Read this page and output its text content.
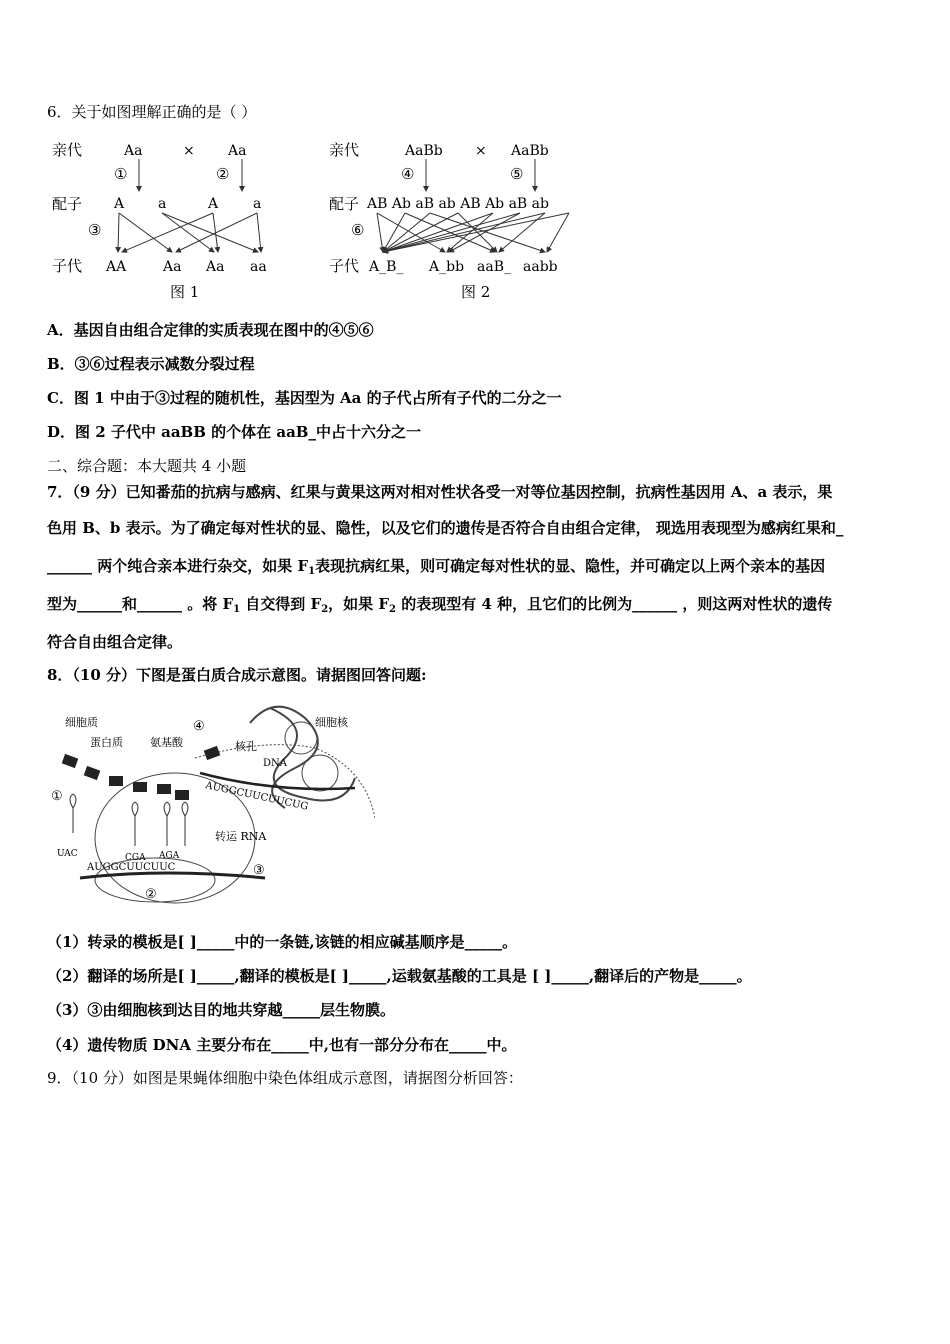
6．关于如图理解正确的是（ ）
亲代	Aa	× Aa
①	②
配子 A a	A a
③
子代 AA	Aa Aa aa
图 1
亲代	AaBb × AaBb
④	⑤
配子 AB Ab aB ab AB Ab aB ab
⑥
子代 A_B_ A_bb aaB_ aabb
图 2
A．基因自由组合定律的实质表现在图中的④⑤⑥
B．③⑥过程表示减数分裂过程
C．图 1 中由于③过程的随机性，基因型为 Aa 的子代占所有子代的二分之一
D．图 2 子代中 aaBB 的个体在 aaB_中占十六分之一
二、综合题：本大题共 4 小题
7．（9 分）已知番茄的抗病与感病、红果与黄果这两对相对性状各受一对等位基因控制，抗病性基因用 A、a 表示，果
色用 B、b 表示。为了确定每对性状的显、隐性，以及它们的遗传是否符合自由组合定律， 现选用表现型为感病红果和_
______ 两个纯合亲本进行杂交，如果 $F_1$表现抗病红果，则可确定每对性状的显、隐性，并可确定以上两个亲本的基因
型为______和______ 。将 $F_1$ 自交得到 $F_2$，如果 $F_2$ 的表现型有 4 种，且它们的比例为______ ，则这两对性状的遗传
符合自由组合定律。
8．（10 分）下图是蛋白质合成示意图。请据图回答问题:
细胞质	细胞核
蛋白质 氨基酸	核孔
DNA
转运 RNA
AUGGCUUCUUCUG
AUGGCUUCUUC
UAC	CGA AGA
①
②
③
④
（1）转录的模板是[ ]_____中的一条链,该链的相应碱基顺序是_____。
（2）翻译的场所是[ ]_____,翻译的模板是[ ]_____,运载氨基酸的工具是 [ ]_____,翻译后的产物是_____。
（3）③由细胞核到达目的地共穿越_____层生物膜。
（4）遗传物质 DNA 主要分布在_____中,也有一部分分布在_____中。
9．（10 分）如图是果蝇体细胞中染色体组成示意图，请据图分析回答：
